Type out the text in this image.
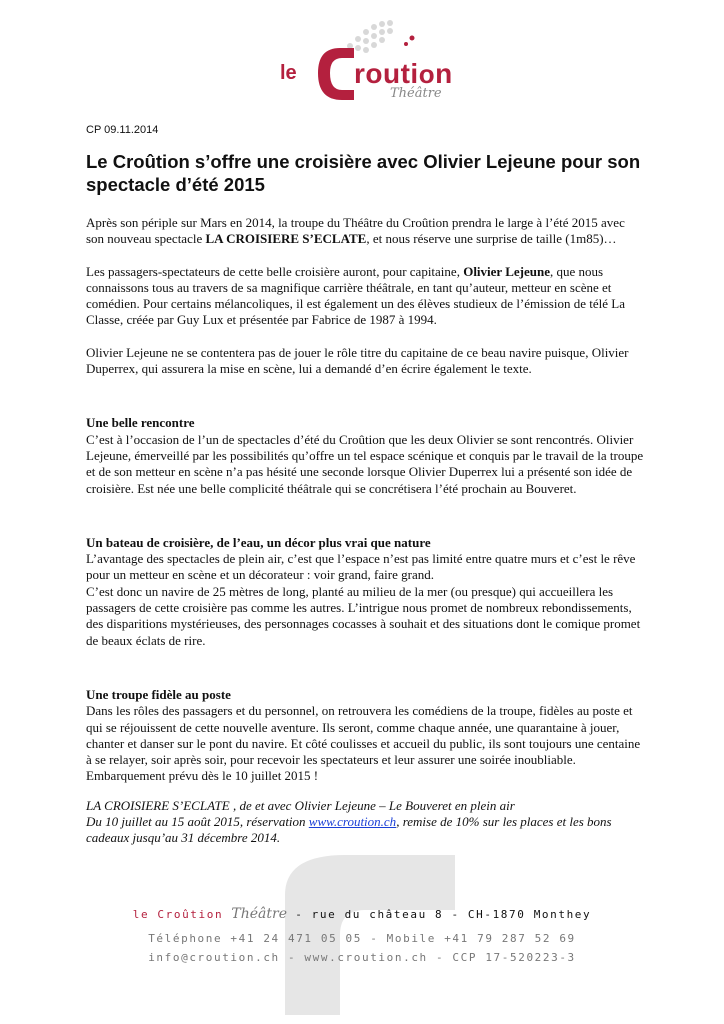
le roution
Théâtre
CP 09.11.2014
Le Croûtion s’offre une croisière avec Olivier Lejeune pour son spectacle d’été 2015

Après son périple sur Mars en 2014, la troupe du Théâtre du Croûtion prendra le large à l’été 2015 avec son nouveau spectacle LA CROISIERE S’ECLATE, et nous réserve une surprise de taille (1m85)…

Les passagers-spectateurs de cette belle croisière auront, pour capitaine, Olivier Lejeune, que nous connaissons tous au travers de sa magnifique carrière théâtrale, en tant qu’auteur, metteur en scène et comédien. Pour certains mélancoliques, il est également un des élèves studieux de l’émission de télé La Classe, créée par Guy Lux et présentée par Fabrice de 1987 à 1994.

Olivier Lejeune ne se contentera pas de jouer le rôle titre du capitaine de ce beau navire puisque, Olivier Duperrex, qui assurera la mise en scène, lui a demandé d’en écrire également le texte.

Une belle rencontre

C’est à l’occasion de l’un de spectacles d’été du Croûtion que les deux Olivier se sont rencontrés. Olivier Lejeune, émerveillé par les possibilités qu’offre un tel espace scénique et conquis par le travail de la troupe et de son metteur en scène n’a pas hésité une seconde lorsque Olivier Duperrex lui a présenté son idée de croisière. Est née une belle complicité théâtrale qui se concrétisera l’été prochain au Bouveret.

Un bateau de croisière, de l’eau, un décor plus vrai que nature
L’avantage des spectacles de plein air, c’est que l’espace n’est pas limité entre quatre murs et c’est le rêve pour un metteur en scène et un décorateur : voir grand, faire grand.

C’est donc un navire de 25 mètres de long, planté au milieu de la mer (ou presque) qui accueillera les passagers de cette croisière pas comme les autres. L’intrigue nous promet de nombreux rebondissements, des disparitions mystérieuses, des personnages cocasses à souhait et des situations dont le comique promet de beaux éclats de rire.

Une troupe fidèle au poste

Dans les rôles des passagers et du personnel, on retrouvera les comédiens de la troupe, fidèles au poste et qui se réjouissent de cette nouvelle aventure. Ils seront, comme chaque année, une quarantaine à jouer, chanter et danser sur le pont du navire. Et côté coulisses et accueil du public, ils sont toujours une centaine à se relayer, soir après soir, pour recevoir les spectateurs et leur assurer une soirée inoubliable. Embarquement prévu dès le 10 juillet 2015 !

LA CROISIERE S’ECLATE , de et avec Olivier Lejeune – Le Bouveret en plein air
Du 10 juillet au 15 août 2015, réservation www.croution.ch, remise de 10% sur les places et les bons cadeaux jusqu’au 31 décembre 2014.
le Croûtion Théâtre - rue du château 8 - CH-1870 Monthey
Téléphone +41 24 471 05 05 - Mobile +41 79 287 52 69
info@croution.ch - www.croution.ch - CCP 17-520223-3
